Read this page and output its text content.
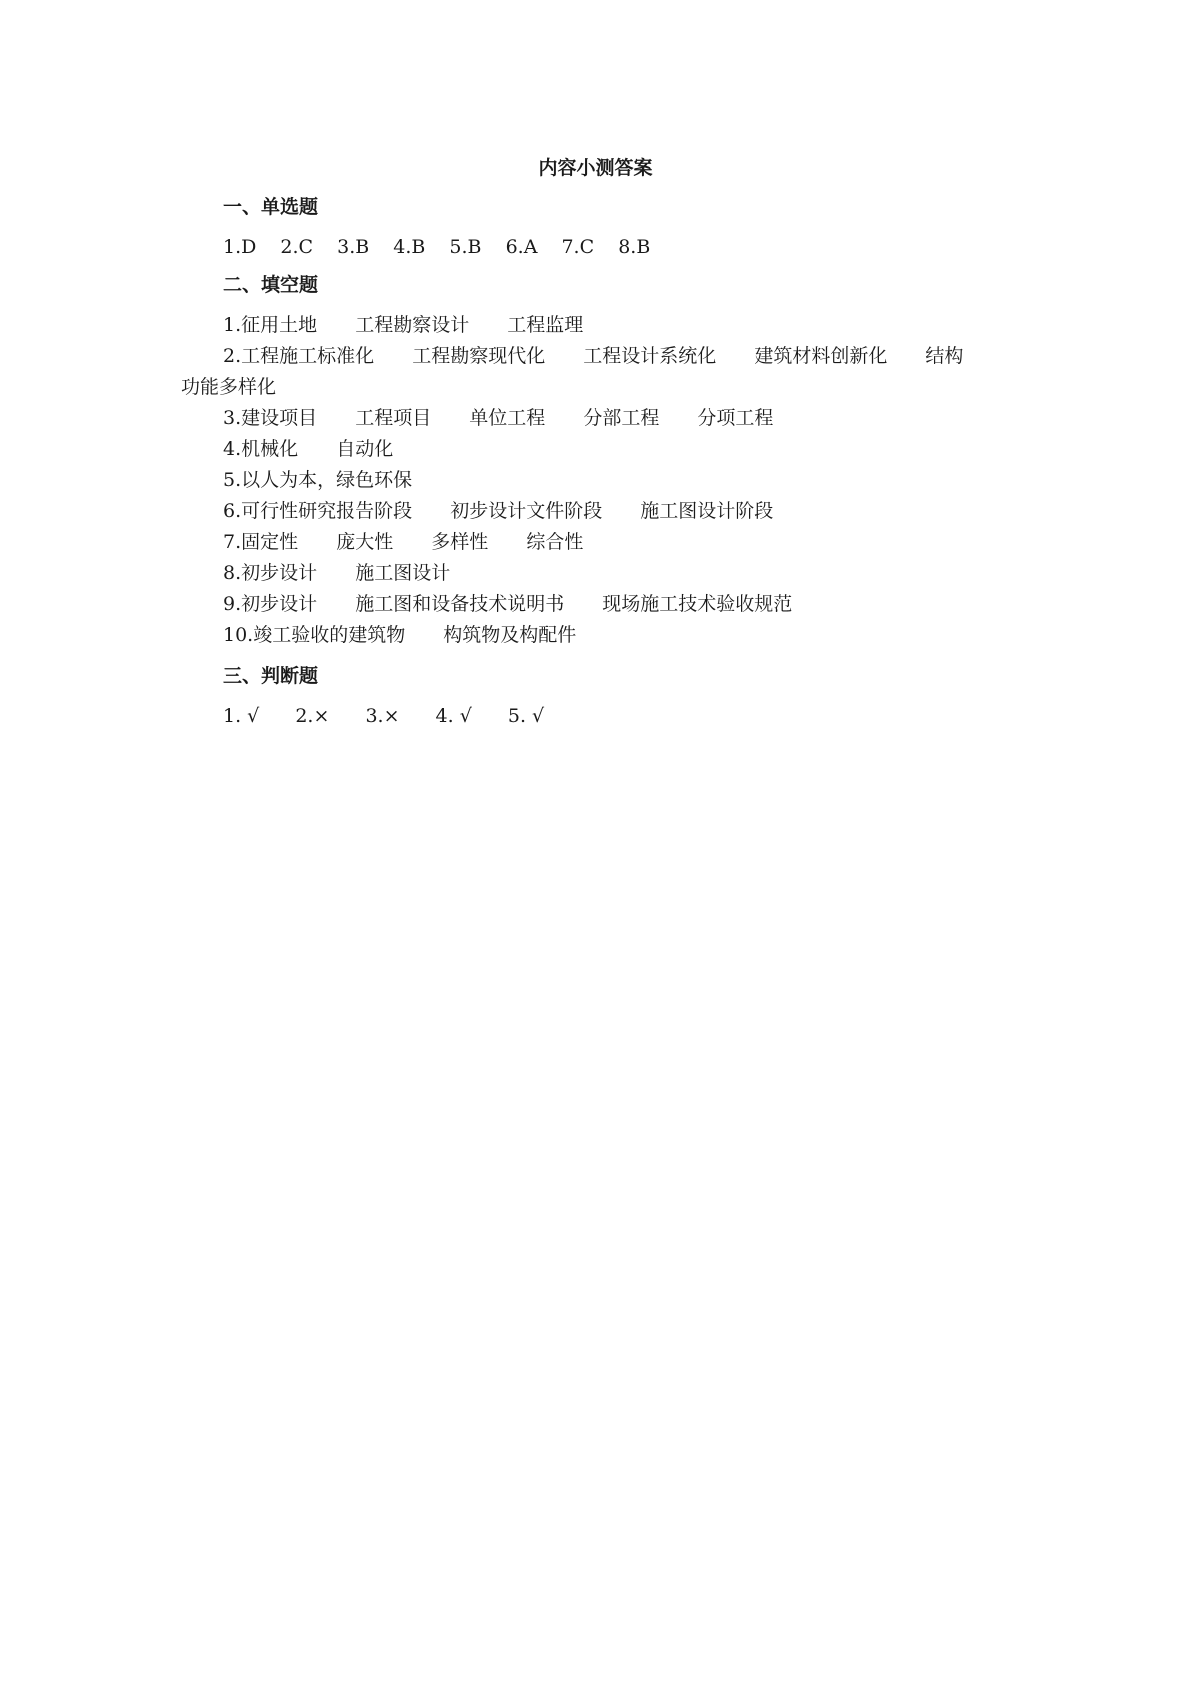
内容小测答案
一、单选题
1.D 2.C 3.B 4.B 5.B 6.A 7.C 8.B
二、填空题
1.征用土地 工程勘察设计 工程监理
2.工程施工标准化 工程勘察现代化 工程设计系统化 建筑材料创新化 结构
功能多样化
3.建设项目 工程项目 单位工程 分部工程 分项工程
4.机械化 自动化
5.以人为本，绿色环保
6.可行性研究报告阶段 初步设计文件阶段 施工图设计阶段
7.固定性 庞大性 多样性 综合性
8.初步设计 施工图设计
9.初步设计 施工图和设备技术说明书 现场施工技术验收规范
10.竣工验收的建筑物 构筑物及构配件
三、判断题
1. √ 2.× 3.× 4. √ 5. √
